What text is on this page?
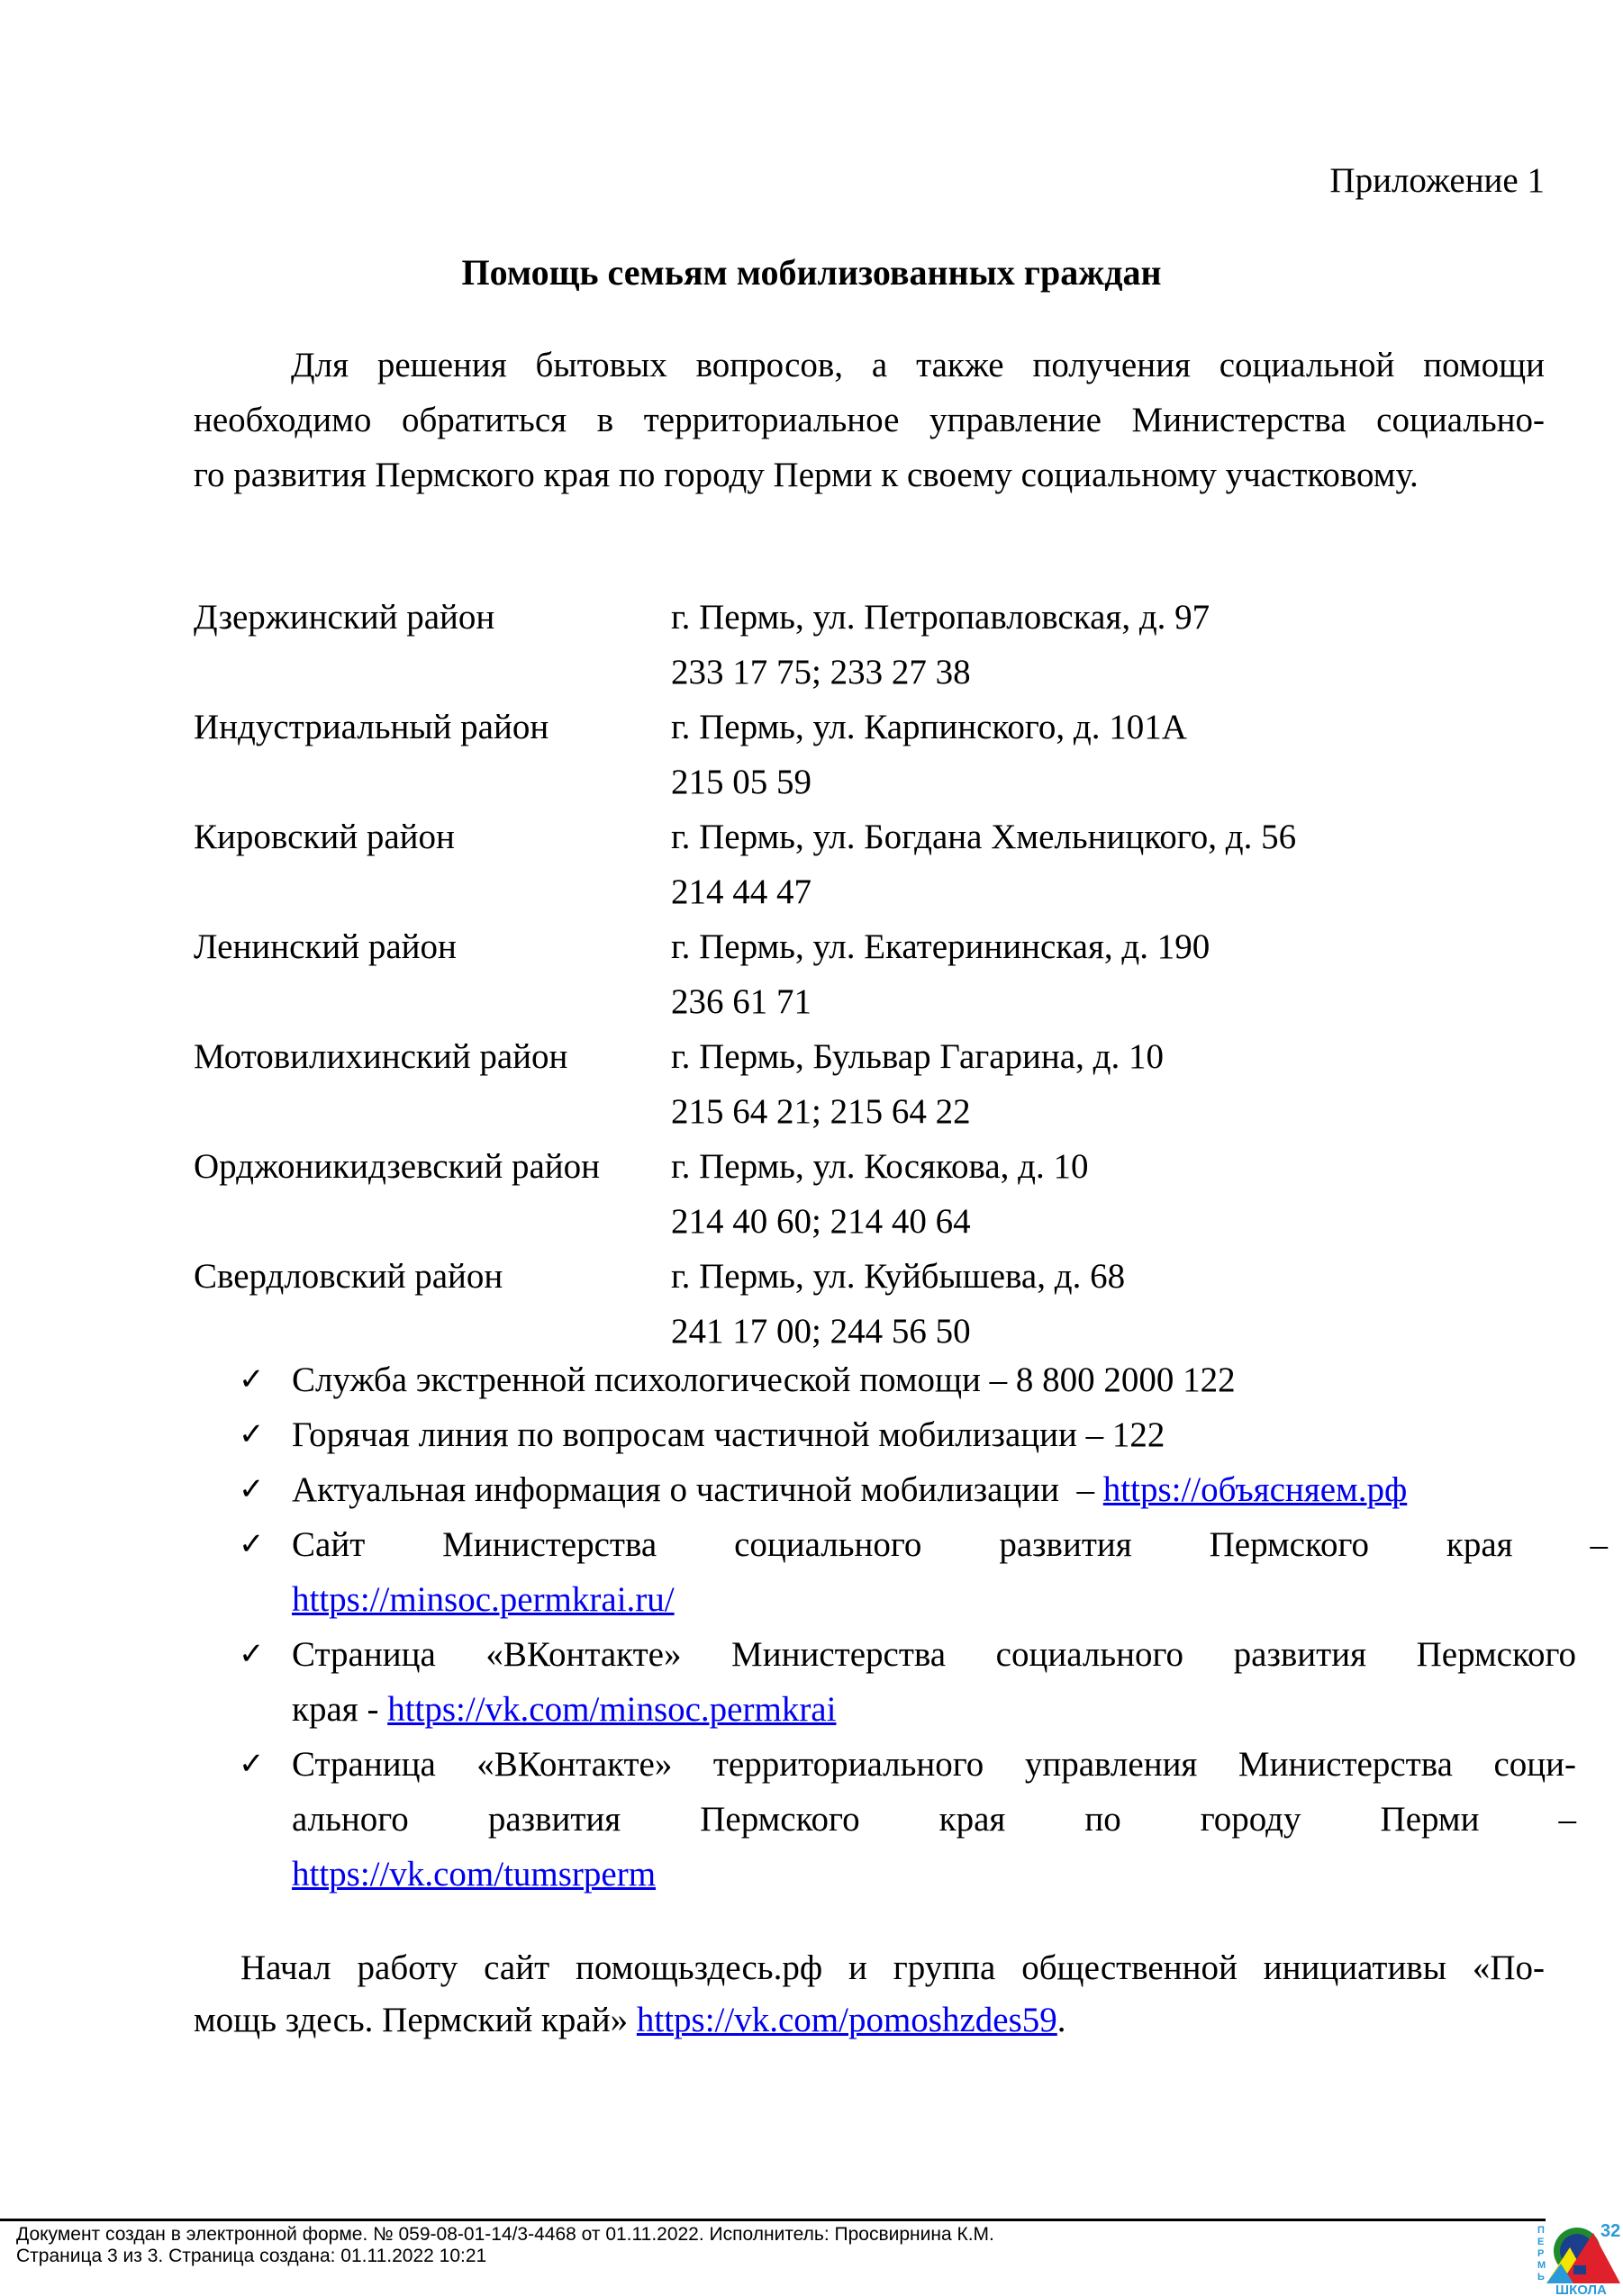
Приложение 1
Помощь семьям мобилизованных граждан
Для решения бытовых вопросов, а также получения социальной помощи
необходимо обратиться в территориальное управление Министерства социально-
го развития Пермского края по городу Перми к своему социальному участковому.
Дзержинский район	г. Пермь, ул. Петропавловская, д. 97
233 17 75; 233 27 38
Индустриальный район	г. Пермь, ул. Карпинского, д. 101А
215 05 59
Кировский район	г. Пермь, ул. Богдана Хмельницкого, д. 56
214 44 47
Ленинский район	г. Пермь, ул. Екатерининская, д. 190
236 61 71
Мотовилихинский район	г. Пермь, Бульвар Гагарина, д. 10
215 64 21; 215 64 22
Орджоникидзевский район	г. Пермь, ул. Косякова, д. 10
214 40 60; 214 40 64
Свердловский район	г. Пермь, ул. Куйбышева, д. 68
241 17 00; 244 56 50
✓ Служба экстренной психологической помощи – 8 800 2000 122
✓ Горячая линия по вопросам частичной мобилизации – 122
✓ Актуальная информация о частичной мобилизации  – https://объясняем.рф
✓ Сайт Министерства социального развития Пермского края –
https://minsoc.permkrai.ru/
✓ Страница «ВКонтакте» Министерства социального развития Пермского
края - https://vk.com/minsoc.permkrai
✓ Страница «ВКонтакте» территориального управления Министерства соци-
ального развития Пермского края по городу Перми –
https://vk.com/tumsrperm
Начал работу сайт помощьздесь.рф и группа общественной инициативы «По-
мощь здесь. Пермский край» https://vk.com/pomoshzdes59.
Документ создан в электронной форме. № 059-08-01-14/3-4468 от 01.11.2022. Исполнитель: Просвирнина К.М.
Страница 3 из 3. Страница создана: 01.11.2022 10:21
П
Е
Р
М
Ь
32
ШКОЛА
